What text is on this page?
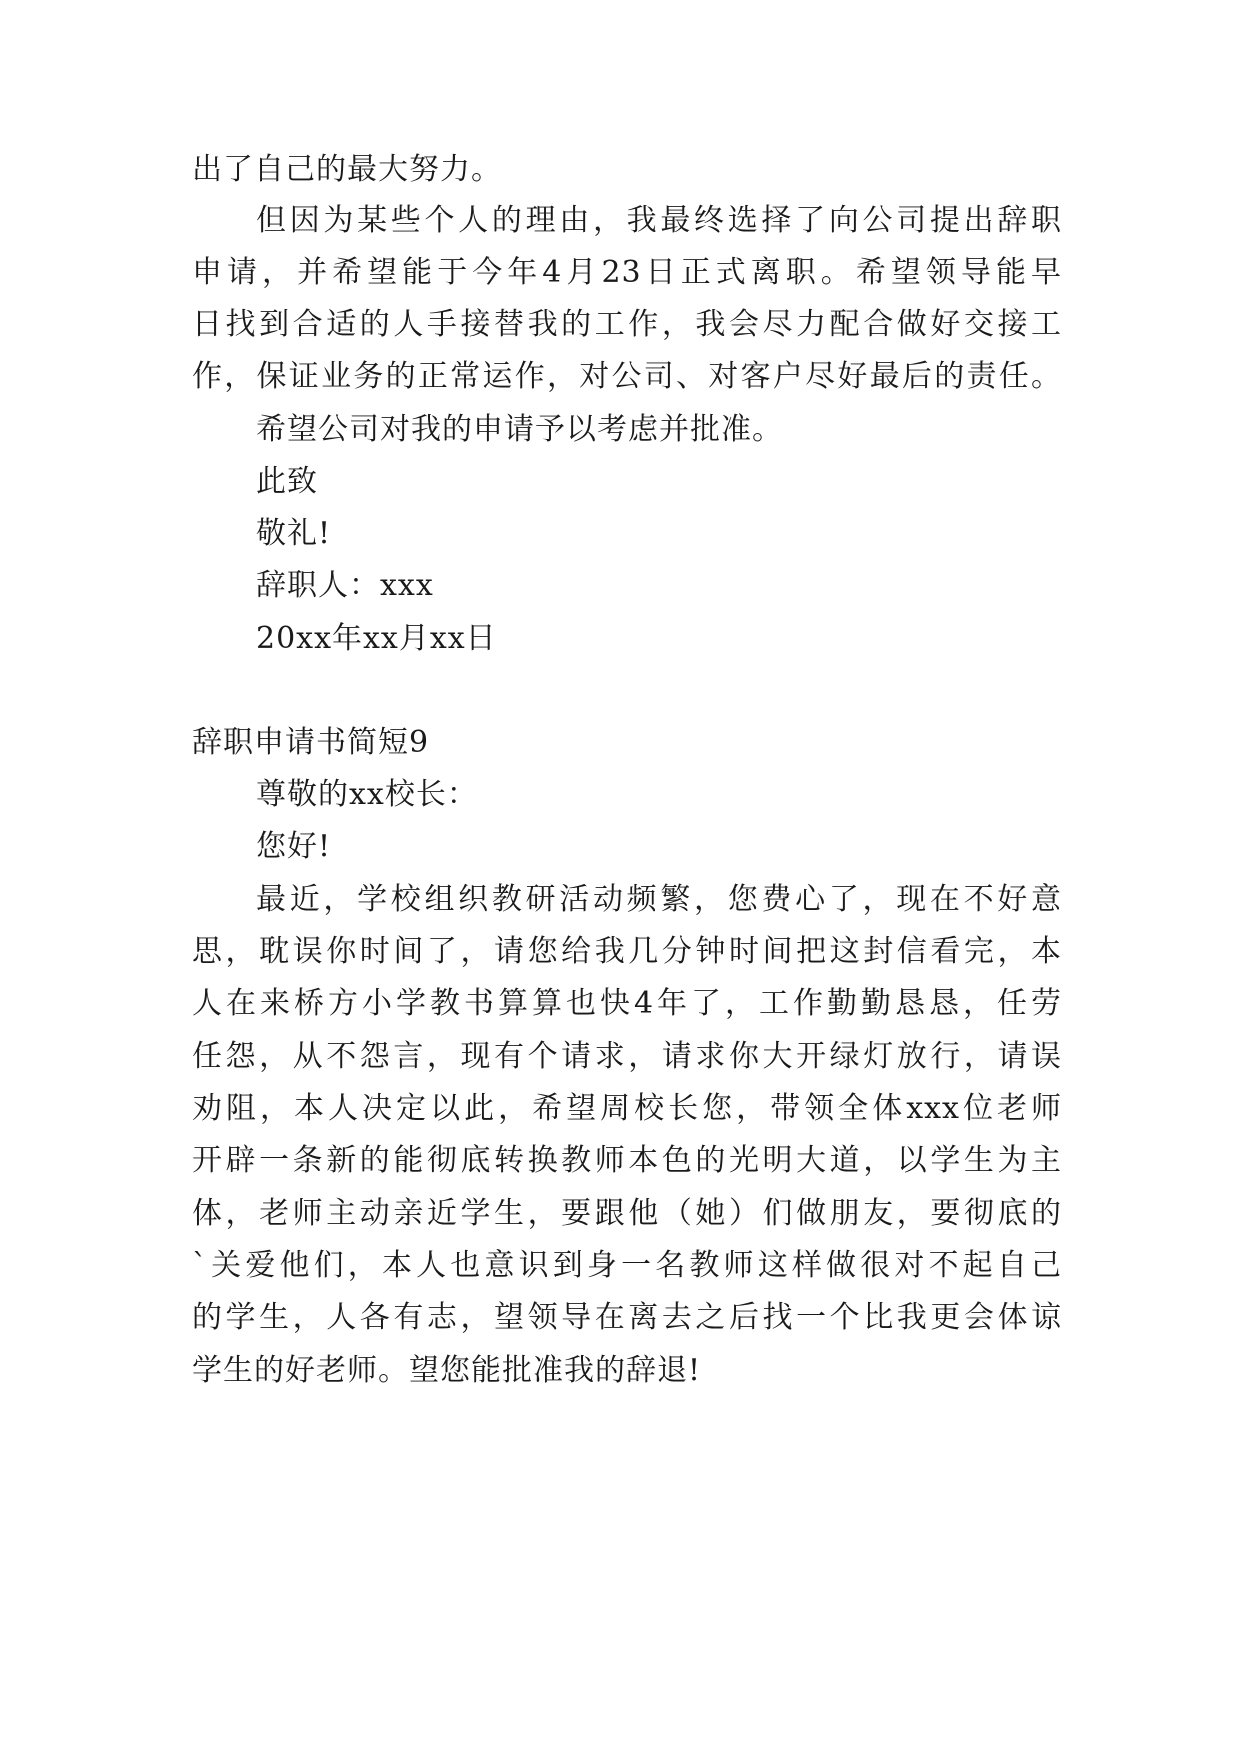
出了自己的最大努力。
但因为某些个人的理由，我最终选择了向公司提出辞职
申请，并希望能于今年4月23日正式离职。希望领导能早
日找到合适的人手接替我的工作，我会尽力配合做好交接工
作，保证业务的正常运作，对公司、对客户尽好最后的责任。
希望公司对我的申请予以考虑并批准。
此致
敬礼!
辞职人：xxx
20xx年xx月xx日
辞职申请书简短9
尊敬的xx校长：
您好!
最近，学校组织教研活动频繁，您费心了，现在不好意
思，耽误你时间了，请您给我几分钟时间把这封信看完，本
人在来桥方小学教书算算也快4年了，工作勤勤恳恳，任劳
任怨，从不怨言，现有个请求，请求你大开绿灯放行，请误
劝阻，本人决定以此，希望周校长您，带领全体xxx位老师
开辟一条新的能彻底转换教师本色的光明大道，以学生为主
体，老师主动亲近学生，要跟他（她）们做朋友，要彻底的
`关爱他们，本人也意识到身一名教师这样做很对不起自己
的学生，人各有志，望领导在离去之后找一个比我更会体谅
学生的好老师。望您能批准我的辞退!
